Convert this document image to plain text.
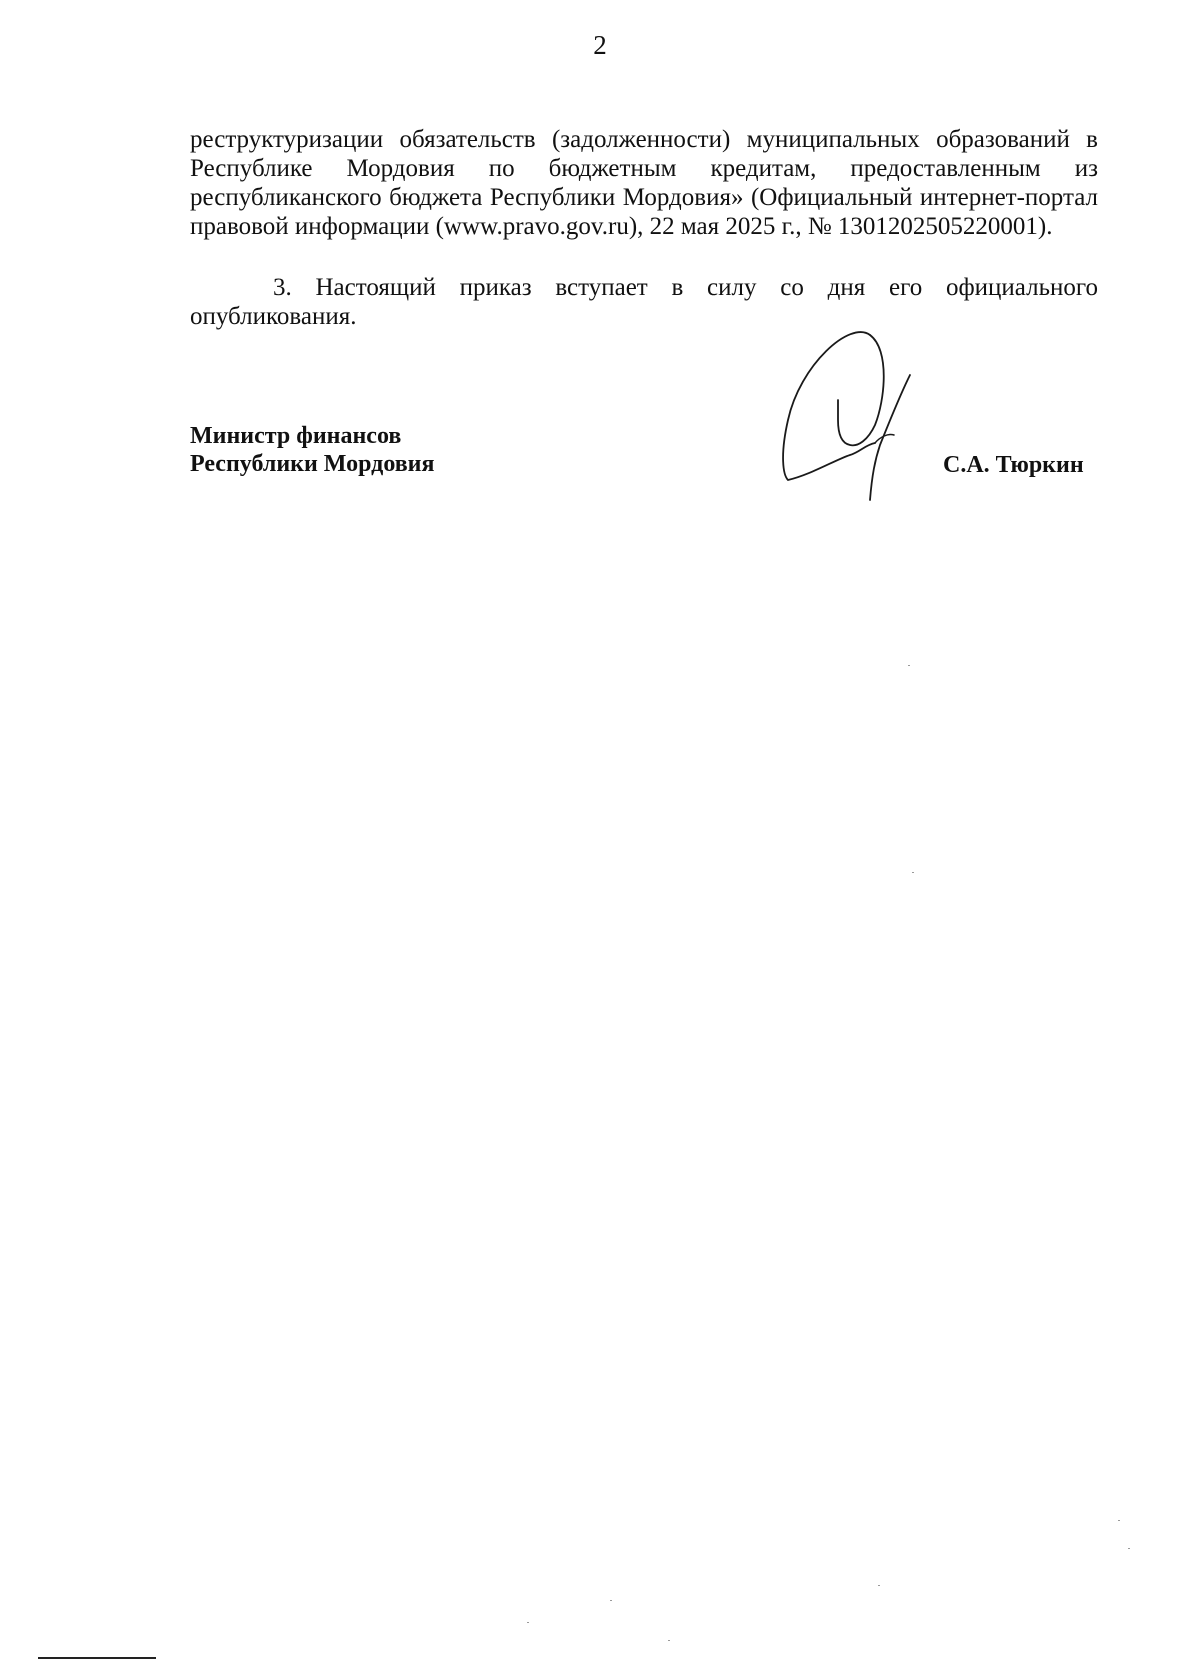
2

реструктуризации обязательств (задолженности) муниципальных образований в Республике Мордовия по бюджетным кредитам, предоставленным из республиканского бюджета Республики Мордовия» (Официальный интернет-портал правовой информации (www.pravo.gov.ru), 22 мая 2025 г., № 1301202505220001).

3. Настоящий приказ вступает в силу со дня его официального опубликования.

Министр финансов
Республики Мордовия	С.А. Тюркин
